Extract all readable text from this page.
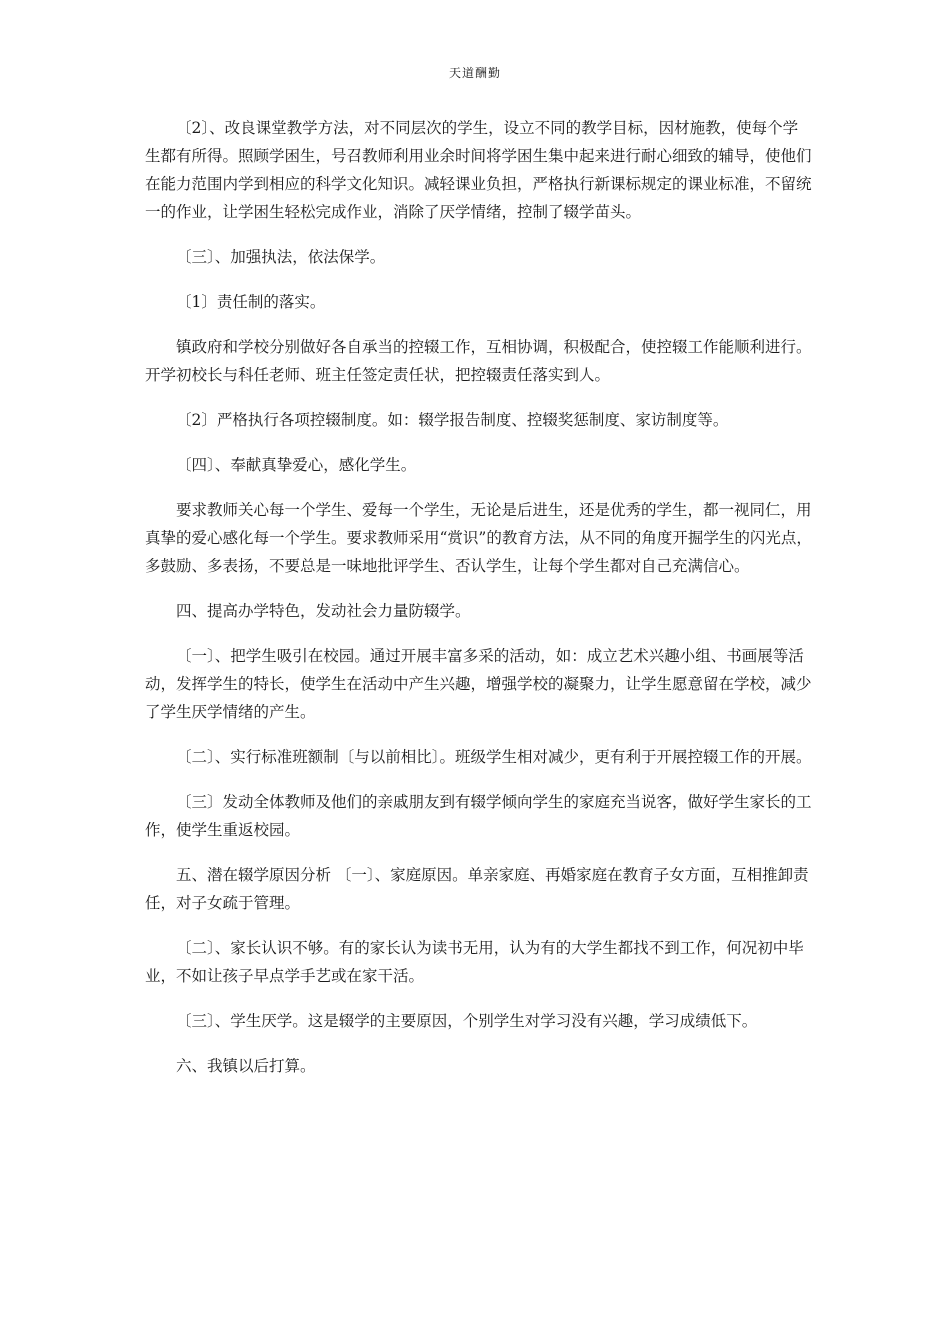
天道酬勤

〔2〕、改良课堂教学方法，对不同层次的学生，设立不同的教学目标，因材施教，使每个学生都有所得。照顾学困生，号召教师利用业余时间将学困生集中起来进行耐心细致的辅导，使他们在能力范围内学到相应的科学文化知识。减轻课业负担，严格执行新课标规定的课业标准，不留统一的作业，让学困生轻松完成作业，消除了厌学情绪，控制了辍学苗头。

〔三〕、加强执法，依法保学。

〔1〕责任制的落实。

镇政府和学校分别做好各自承当的控辍工作，互相协调，积极配合，使控辍工作能顺利进行。开学初校长与科任老师、班主任签定责任状，把控辍责任落实到人。

〔2〕严格执行各项控辍制度。如：辍学报告制度、控辍奖惩制度、家访制度等。

〔四〕、奉献真挚爱心，感化学生。

要求教师关心每一个学生、爱每一个学生，无论是后进生，还是优秀的学生，都一视同仁，用真挚的爱心感化每一个学生。要求教师采用“赏识”的教育方法，从不同的角度开掘学生的闪光点，多鼓励、多表扬，不要总是一味地批评学生、否认学生，让每个学生都对自己充满信心。

四、提高办学特色，发动社会力量防辍学。

〔一〕、把学生吸引在校园。通过开展丰富多采的活动，如：成立艺术兴趣小组、书画展等活动，发挥学生的特长，使学生在活动中产生兴趣，增强学校的凝聚力，让学生愿意留在学校，减少了学生厌学情绪的产生。

〔二〕、实行标准班额制〔与以前相比〕。班级学生相对减少，更有利于开展控辍工作的开展。

〔三〕发动全体教师及他们的亲戚朋友到有辍学倾向学生的家庭充当说客，做好学生家长的工作，使学生重返校园。

五、潜在辍学原因分析 〔一〕、家庭原因。单亲家庭、再婚家庭在教育子女方面，互相推卸责任，对子女疏于管理。

〔二〕、家长认识不够。有的家长认为读书无用，认为有的大学生都找不到工作，何况初中毕业，不如让孩子早点学手艺或在家干活。

〔三〕、学生厌学。这是辍学的主要原因，个别学生对学习没有兴趣，学习成绩低下。

六、我镇以后打算。
